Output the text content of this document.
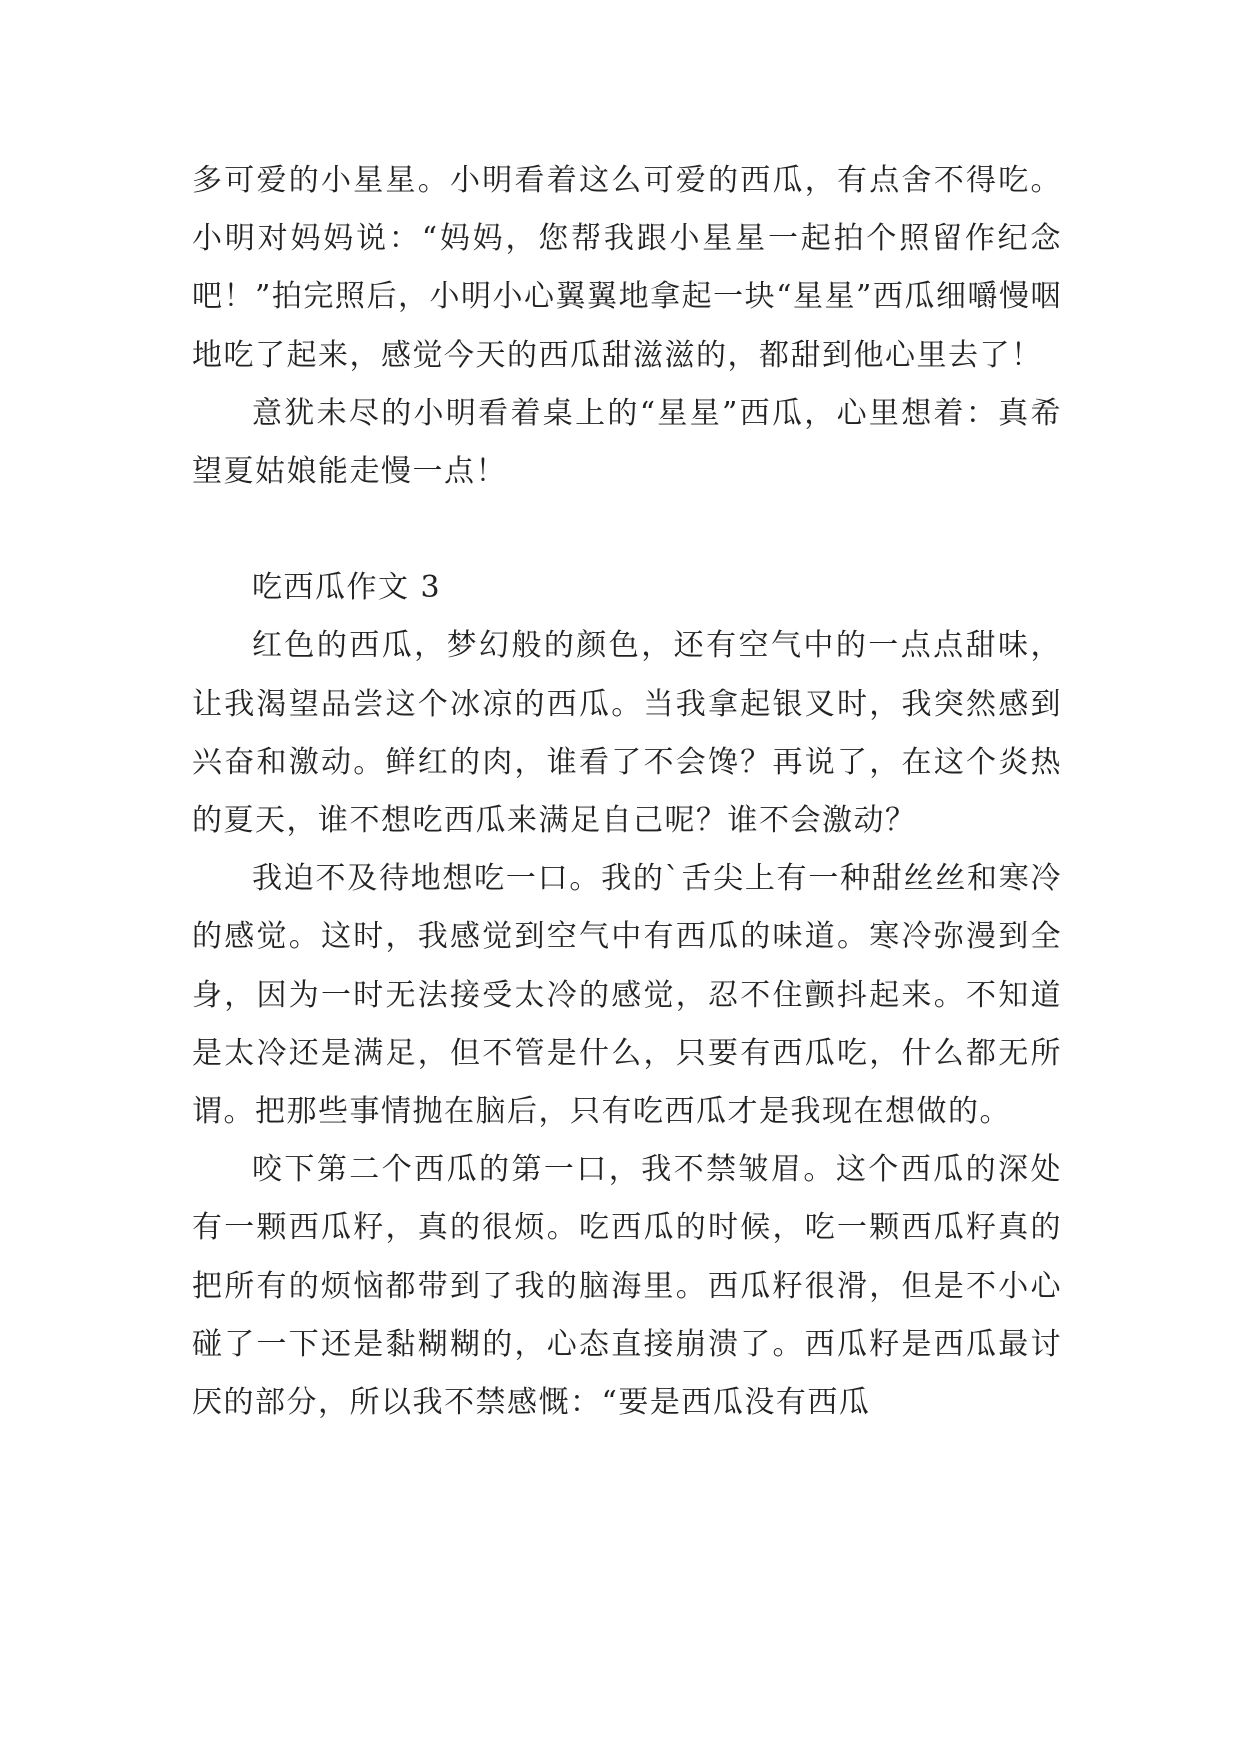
多可爱的小星星。小明看着这么可爱的西瓜，有点舍不得吃。小明对妈妈说：“妈妈，您帮我跟小星星一起拍个照留作纪念吧！”拍完照后，小明小心翼翼地拿起一块“星星”西瓜细嚼慢咽地吃了起来，感觉今天的西瓜甜滋滋的，都甜到他心里去了！

意犹未尽的小明看着桌上的“星星”西瓜，心里想着：真希望夏姑娘能走慢一点！

吃西瓜作文 3

红色的西瓜，梦幻般的颜色，还有空气中的一点点甜味，让我渴望品尝这个冰凉的西瓜。当我拿起银叉时，我突然感到兴奋和激动。鲜红的肉，谁看了不会馋？再说了，在这个炎热的夏天，谁不想吃西瓜来满足自己呢？谁不会激动？

我迫不及待地想吃一口。我的`舌尖上有一种甜丝丝和寒冷的感觉。这时，我感觉到空气中有西瓜的味道。寒冷弥漫到全身，因为一时无法接受太冷的感觉，忍不住颤抖起来。不知道是太冷还是满足，但不管是什么，只要有西瓜吃，什么都无所谓。把那些事情抛在脑后，只有吃西瓜才是我现在想做的。

咬下第二个西瓜的第一口，我不禁皱眉。这个西瓜的深处有一颗西瓜籽，真的很烦。吃西瓜的时候，吃一颗西瓜籽真的把所有的烦恼都带到了我的脑海里。西瓜籽很滑，但是不小心碰了一下还是黏糊糊的，心态直接崩溃了。西瓜籽是西瓜最讨厌的部分，所以我不禁感慨：“要是西瓜没有西瓜
